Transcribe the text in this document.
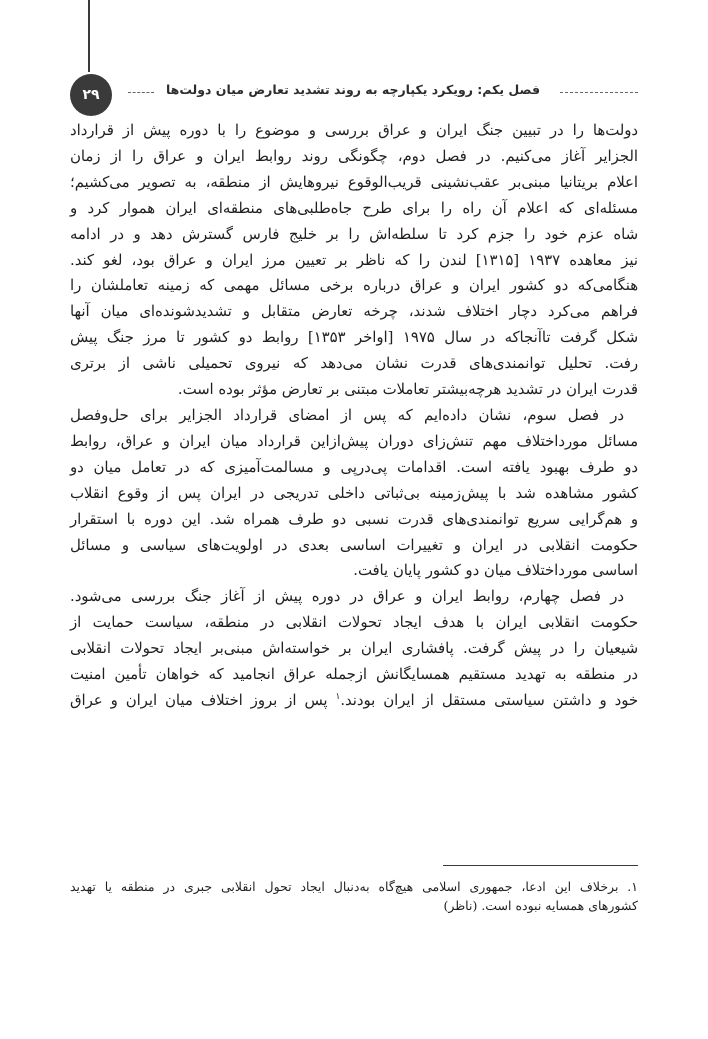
فصل یکم: رویکرد یکپارچه به روند تشدید تعارض میان دولت‌ها
۲۹
دولت‌ها را در تبیین جنگ ایران و عراق بررسی و موضوع را با دوره پیش از قرارداد
الجزایر آغاز می‌کنیم. در فصل دوم، چگونگی روند روابط ایران و عراق را از زمان
اعلام بریتانیا مبنی‌بر عقب‌نشینی قریب‌الوقوع نیروهایش از منطقه، به تصویر می‌کشیم؛
مسئله‌ای که اعلام آن راه را برای طرح جاه‌طلبی‌های منطقه‌ای ایران هموار کرد و
شاه عزم خود را جزم کرد تا سلطه‌اش را بر خلیج فارس گسترش دهد و در ادامه
نیز معاهده ۱۹۳۷ [۱۳۱۵] لندن را که ناظر بر تعیین مرز ایران و عراق بود، لغو کند.
هنگامی‌که دو کشور ایران و عراق درباره برخی مسائل مهمی که زمینه تعاملشان را
فراهم می‌کرد دچار اختلاف شدند، چرخه تعارض متقابل و تشدیدشونده‌ای میان آنها
شکل گرفت تاآنجاکه در سال ۱۹۷۵ [اواخر ۱۳۵۳] روابط دو کشور تا مرز جنگ پیش
رفت. تحلیل توانمندی‌های قدرت نشان می‌دهد که نیروی تحمیلی ناشی از برتری
قدرت ایران در تشدید هرچه‌بیشتر تعاملات مبتنی بر تعارض مؤثر بوده است.
در فصل سوم، نشان داده‌ایم که پس از امضای قرارداد الجزایر برای حل‌وفصل
مسائل مورداختلاف مهم تنش‌زای دوران پیش‌ازاین قرارداد میان ایران و عراق، روابط
دو طرف بهبود یافته است. اقدامات پی‌درپی و مسالمت‌آمیزی که در تعامل میان دو
کشور مشاهده شد با پیش‌زمینه بی‌ثباتی داخلی تدریجی در ایران پس از وقوع انقلاب
و هم‌گرایی سریع توانمندی‌های قدرت نسبی دو طرف همراه شد. این دوره با استقرار
حکومت انقلابی در ایران و تغییرات اساسی بعدی در اولویت‌های سیاسی و مسائل
اساسی مورداختلاف میان دو کشور پایان یافت.
در فصل چهارم، روابط ایران و عراق در دوره پیش از آغاز جنگ بررسی می‌شود.
حکومت انقلابی ایران با هدف ایجاد تحولات انقلابی در منطقه، سیاست حمایت از
شیعیان را در پیش گرفت. پافشاری ایران بر خواسته‌اش مبنی‌بر ایجاد تحولات انقلابی
در منطقه به تهدید مستقیم همسایگانش ازجمله عراق انجامید که خواهان تأمین امنیت
خود و داشتن سیاستی مستقل از ایران بودند.$^۱$ پس از بروز اختلاف میان ایران و عراق
۱. برخلاف این ادعا، جمهوری اسلامی هیچ‌گاه به‌دنبال ایجاد تحول انقلابی جبری در منطقه یا تهدید
کشورهای همسایه نبوده است. (ناظر)
